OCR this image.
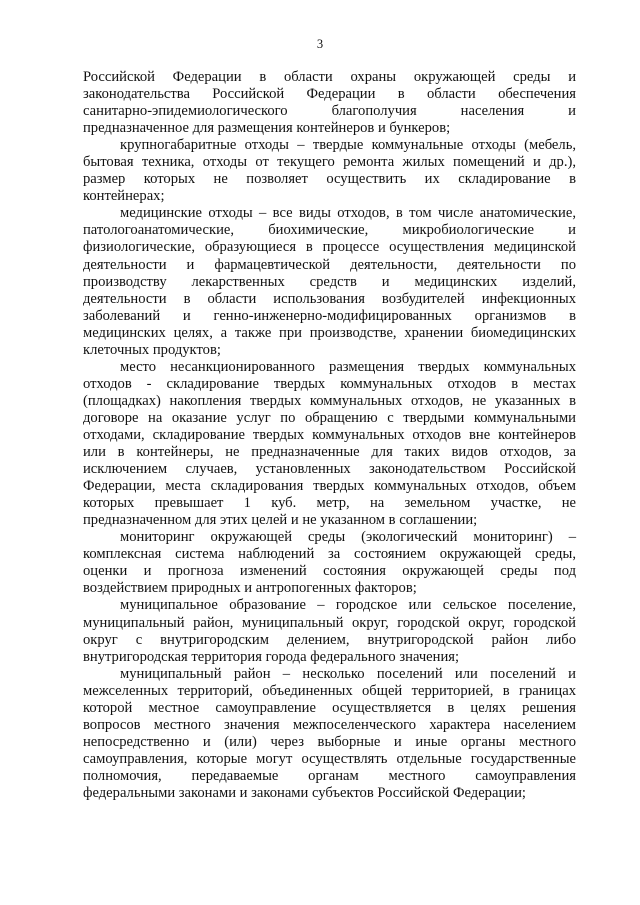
3
Российской Федерации в области охраны окружающей среды и
законодательства Российской Федерации в области обеспечения
санитарно-эпидемиологического благополучия населения и
предназначенное для размещения контейнеров и бункеров;
крупногабаритные отходы – твердые коммунальные отходы (мебель,
бытовая техника, отходы от текущего ремонта жилых помещений и др.),
размер которых не позволяет осуществить их складирование в
контейнерах;
медицинские отходы – все виды отходов, в том числе анатомические,
патологоанатомические, биохимические, микробиологические и
физиологические, образующиеся в процессе осуществления медицинской
деятельности и фармацевтической деятельности, деятельности по
производству лекарственных средств и медицинских изделий,
деятельности в области использования возбудителей инфекционных
заболеваний и генно-инженерно-модифицированных организмов в
медицинских целях, а также при производстве, хранении биомедицинских
клеточных продуктов;
место несанкционированного размещения твердых коммунальных
отходов - складирование твердых коммунальных отходов в местах
(площадках) накопления твердых коммунальных отходов, не указанных в
договоре на оказание услуг по обращению с твердыми коммунальными
отходами, складирование твердых коммунальных отходов вне контейнеров
или в контейнеры, не предназначенные для таких видов отходов, за
исключением случаев, установленных законодательством Российской
Федерации, места складирования твердых коммунальных отходов, объем
которых превышает 1 куб. метр, на земельном участке, не
предназначенном для этих целей и не указанном в соглашении;
мониторинг окружающей среды (экологический мониторинг) –
комплексная система наблюдений за состоянием окружающей среды,
оценки и прогноза изменений состояния окружающей среды под
воздействием природных и антропогенных факторов;
муниципальное образование – городское или сельское поселение,
муниципальный район, муниципальный округ, городской округ, городской
округ с внутригородским делением, внутригородской район либо
внутригородская территория города федерального значения;
муниципальный район – несколько поселений или поселений и
межселенных территорий, объединенных общей территорией, в границах
которой местное самоуправление осуществляется в целях решения
вопросов местного значения межпоселенческого характера населением
непосредственно и (или) через выборные и иные органы местного
самоуправления, которые могут осуществлять отдельные государственные
полномочия, передаваемые органам местного самоуправления
федеральными законами и законами субъектов Российской Федерации;
